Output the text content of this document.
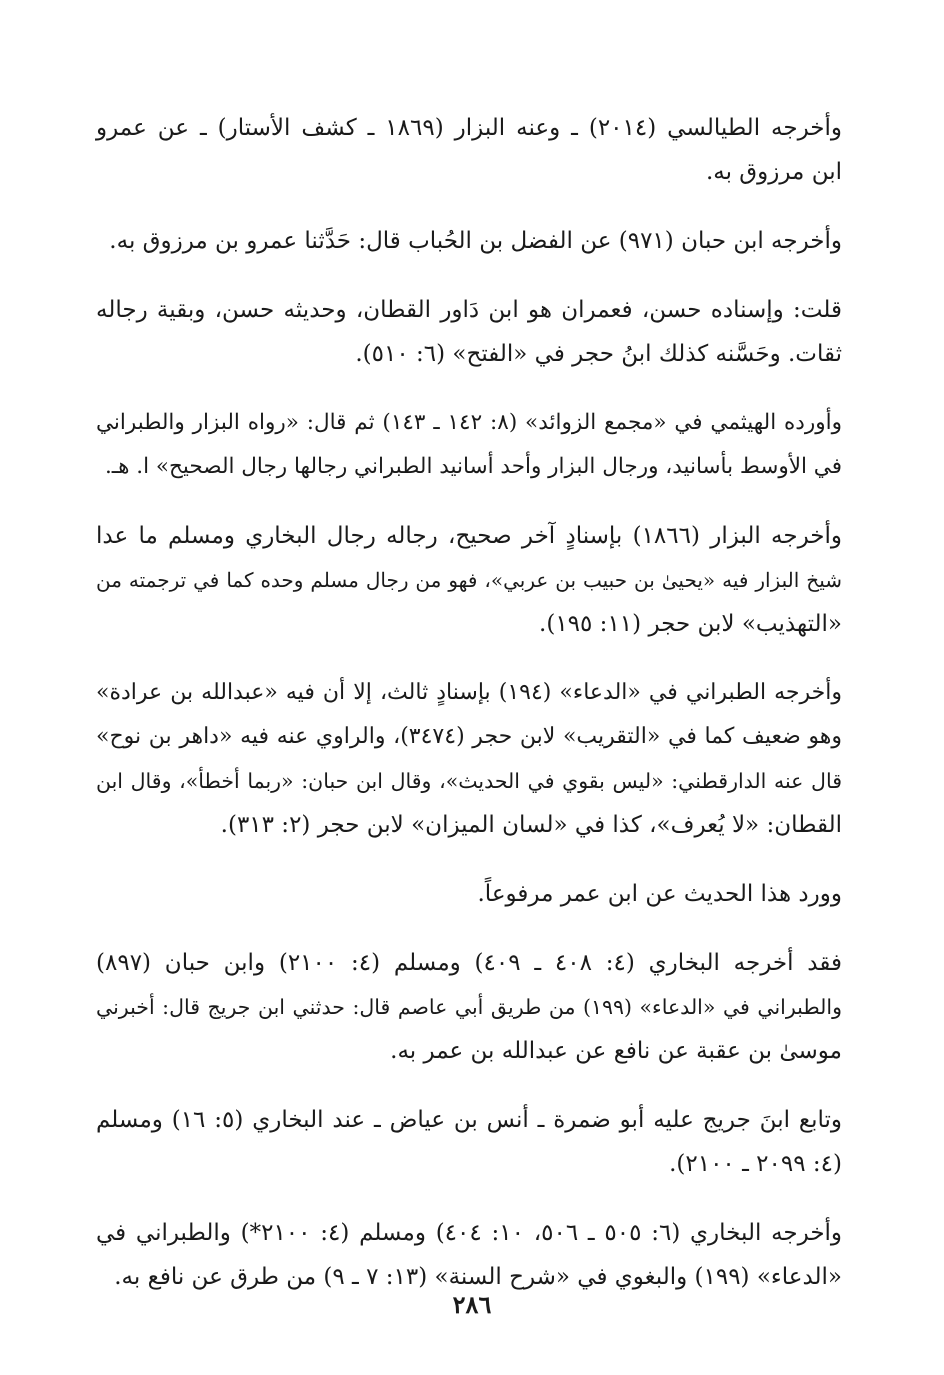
وأخرجه الطيالسي (٢٠١٤) ـ وعنه البزار (١٨٦٩ ـ كشف الأستار) ـ عن عمرو
ابن مرزوق به.

وأخرجه ابن حبان (٩٧١) عن الفضل بن الحُباب قال: حَدَّثنا عمرو بن مرزوق به.

قلت: وإسناده حسن، فعمران هو ابن دَاور القطان، وحديثه حسن، وبقية رجاله
ثقات. وحَسَّنه كذلك ابنُ حجر في «الفتح» (٦: ٥١٠).

وأورده الهيثمي في «مجمع الزوائد» (٨: ١٤٢ ـ ١٤٣) ثم قال: «رواه البزار والطبراني
في الأوسط بأسانيد، ورجال البزار وأحد أسانيد الطبراني رجالها رجال الصحيح» ا. هـ.

وأخرجه البزار (١٨٦٦) بإسنادٍ آخر صحيح، رجاله رجال البخاري ومسلم ما عدا
شيخ البزار فيه «يحيىٰ بن حبيب بن عربي»، فهو من رجال مسلم وحده كما في ترجمته من
«التهذيب» لابن حجر (١١: ١٩٥).

وأخرجه الطبراني في «الدعاء» (١٩٤) بإسنادٍ ثالث، إلا أن فيه «عبدالله بن عرادة»
وهو ضعيف كما في «التقريب» لابن حجر (٣٤٧٤)، والراوي عنه فيه «داهر بن نوح»
قال عنه الدارقطني: «ليس بقوي في الحديث»، وقال ابن حبان: «ربما أخطأ»، وقال ابن
القطان: «لا يُعرف»، كذا في «لسان الميزان» لابن حجر (٢: ٣١٣).

وورد هذا الحديث عن ابن عمر مرفوعاً.

فقد أخرجه البخاري (٤: ٤٠٨ ـ ٤٠٩) ومسلم (٤: ٢١٠٠) وابن حبان (٨٩٧)
والطبراني في «الدعاء» (١٩٩) من طريق أبي عاصم قال: حدثني ابن جريج قال: أخبرني
موسىٰ بن عقبة عن نافع عن عبدالله بن عمر به.

وتابع ابنَ جريج عليه أبو ضمرة ـ أنس بن عياض ـ عند البخاري (٥: ١٦) ومسلم
(٤: ٢٠٩٩ ـ ٢١٠٠).

وأخرجه البخاري (٦: ٥٠٥ ـ ٥٠٦، ١٠: ٤٠٤) ومسلم (٤: ٢١٠٠*) والطبراني في
«الدعاء» (١٩٩) والبغوي في «شرح السنة» (١٣: ٧ ـ ٩) من طرق عن نافع به.

٢٨٦
